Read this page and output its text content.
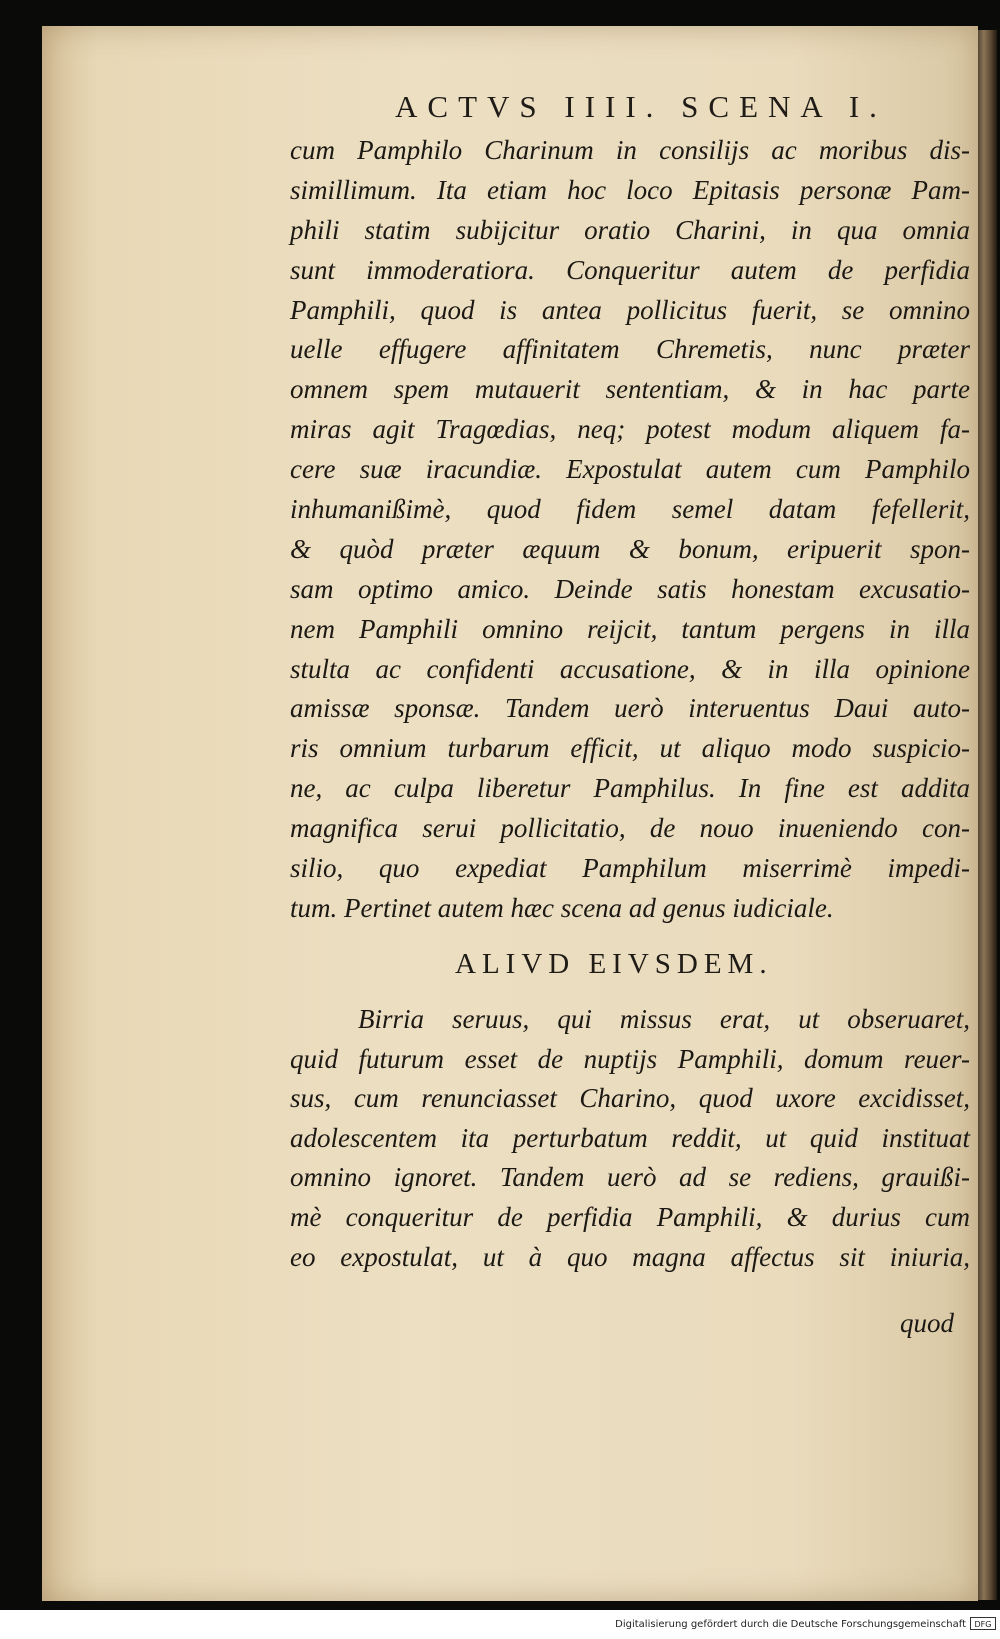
ACTVS IIII. SCENA I.
cum Pamphilo Charinum in consilijs ac moribus dis-
simillimum. Ita etiam hoc loco Epitasis personæ Pam-
phili statim subijcitur oratio Charini, in qua omnia
sunt immoderatiora. Conqueritur autem de perfidia
Pamphili, quod is antea pollicitus fuerit, se omnino
uelle effugere affinitatem Chremetis, nunc præter
omnem spem mutauerit sententiam, & in hac parte
miras agit Tragœdias, neq; potest modum aliquem fa-
cere suæ iracundiæ. Expostulat autem cum Pamphilo
inhumanißimè, quod fidem semel datam fefellerit,
& quòd præter æquum & bonum, eripuerit spon-
sam optimo amico. Deinde satis honestam excusatio-
nem Pamphili omnino reijcit, tantum pergens in illa
stulta ac confidenti accusatione, & in illa opinione
amissæ sponsæ. Tandem uerò interuentus Daui auto-
ris omnium turbarum efficit, ut aliquo modo suspicio-
ne, ac culpa liberetur Pamphilus. In fine est addita
magnifica serui pollicitatio, de nouo inueniendo con-
silio, quo expediat Pamphilum miserrimè impedi-
tum. Pertinet autem hæc scena ad genus iudiciale.
ALIVD EIVSDEM.
Birria seruus, qui missus erat, ut obseruaret,
quid futurum esset de nuptijs Pamphili, domum reuer-
sus, cum renunciasset Charino, quod uxore excidisset,
adolescentem ita perturbatum reddit, ut quid instituat
omnino ignoret. Tandem uerò ad se rediens, grauißi-
mè conqueritur de perfidia Pamphili, & durius cum
eo expostulat, ut à quo magna affectus sit iniuria,
quod
Digitalisierung gefördert durch die Deutsche Forschungsgemeinschaft	DFG
